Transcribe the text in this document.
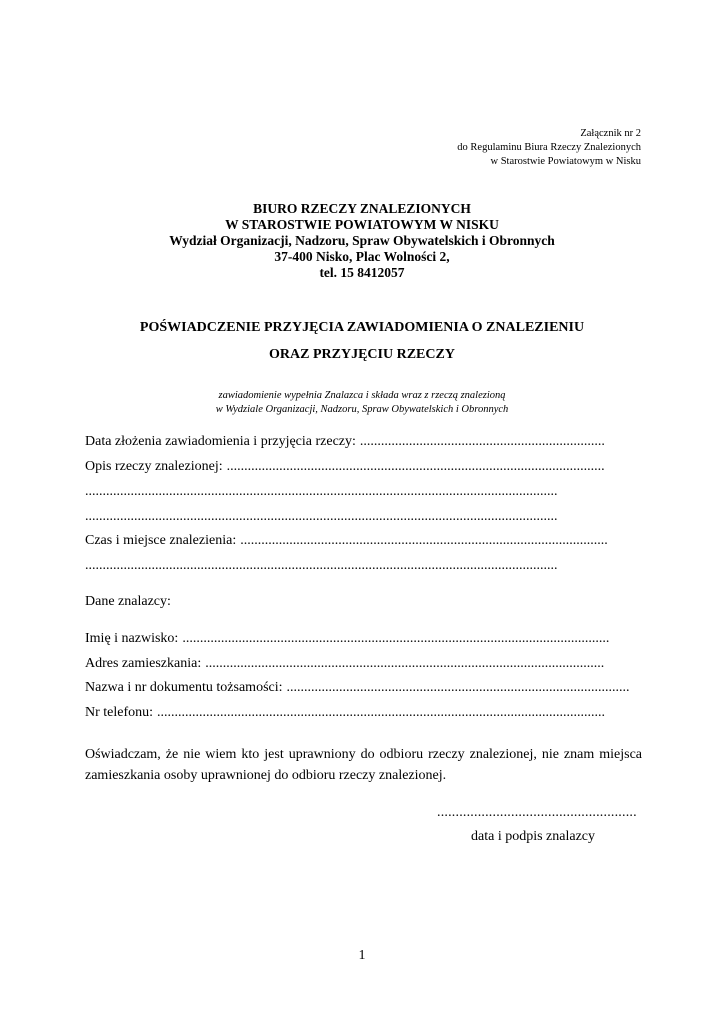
Załącznik nr 2
do Regulaminu Biura Rzeczy Znalezionych
w Starostwie Powiatowym w Nisku
BIURO RZECZY ZNALEZIONYCH
W STAROSTWIE POWIATOWYM W NISKU
Wydział Organizacji, Nadzoru, Spraw Obywatelskich i Obronnych
37-400 Nisko, Plac Wolności 2,
tel. 15 8412057
POŚWIADCZENIE PRZYJĘCIA ZAWIADOMIENIA O ZNALEZIENIU
ORAZ PRZYJĘCIU RZECZY
zawiadomienie wypełnia Znalazca i składa wraz z rzeczą znalezioną
w Wydziale Organizacji, Nadzoru, Spraw Obywatelskich i Obronnych
Data złożenia zawiadomienia i przyjęcia rzeczy: ......................................................................
Opis rzeczy znalezionej: ............................................................................................................
.......................................................................................................................................
.......................................................................................................................................
Czas i miejsce znalezienia: .........................................................................................................
.......................................................................................................................................
Dane znalazcy:
Imię i nazwisko: ..........................................................................................................................
Adres zamieszkania: ..................................................................................................................
Nazwa i nr dokumentu tożsamości: ..................................................................................................
Nr telefonu: ................................................................................................................................
Oświadczam, że nie wiem kto jest uprawniony do odbioru rzeczy znalezionej, nie znam miejsca zamieszkania osoby uprawnionej do odbioru rzeczy znalezionej.
......................................................
data i podpis znalazcy
1
